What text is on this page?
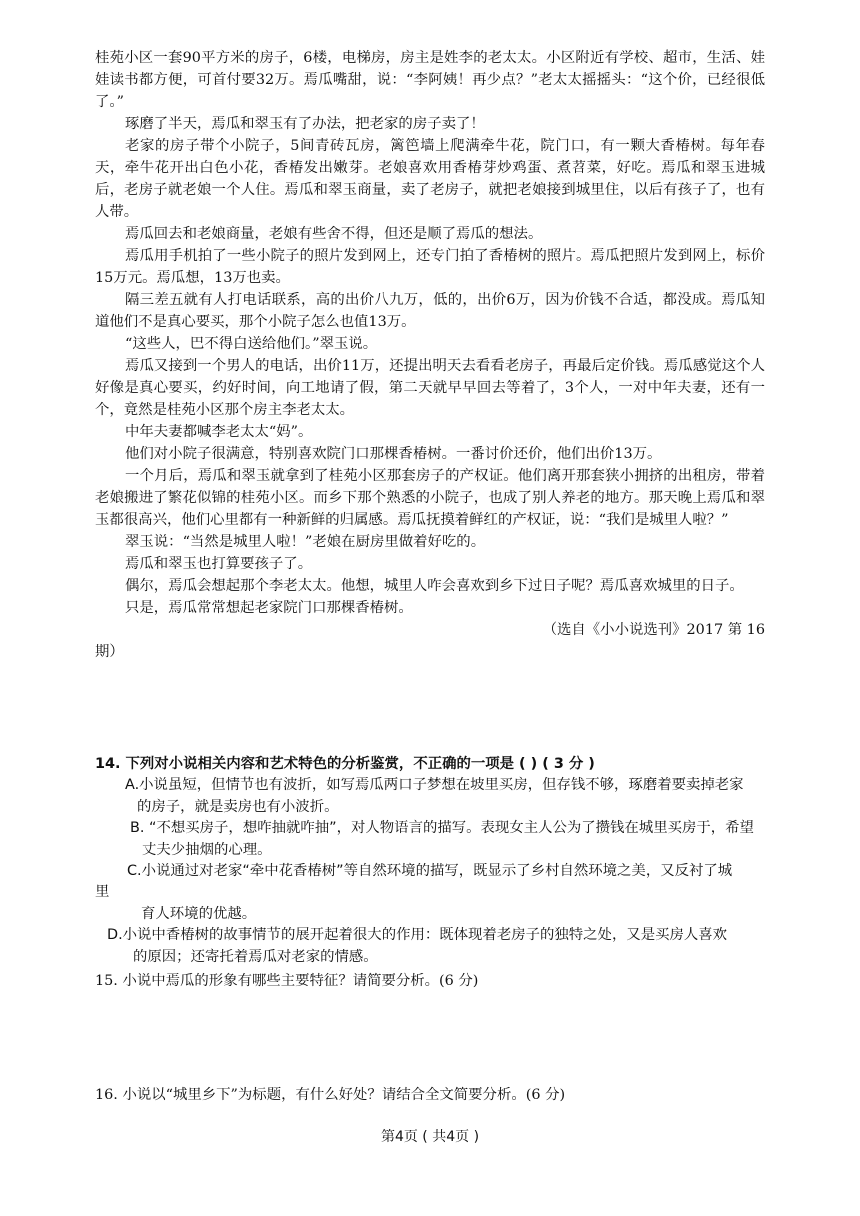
桂苑小区一套90平方米的房子，6楼，电梯房，房主是姓李的老太太。小区附近有学校、超市，生活、娃娃读书都方便，可首付要32万。焉瓜嘴甜，说：“李阿姨！再少点？”老太太摇摇头：“这个价，已经很低了。”

琢磨了半天，焉瓜和翠玉有了办法，把老家的房子卖了！

老家的房子带个小院子，5间青砖瓦房，篱笆墙上爬满牵牛花，院门口，有一颗大香椿树。每年春天，牵牛花开出白色小花，香椿发出嫩芽。老娘喜欢用香椿芽炒鸡蛋、煮苕菜，好吃。焉瓜和翠玉进城后，老房子就老娘一个人住。焉瓜和翠玉商量，卖了老房子，就把老娘接到城里住，以后有孩子了，也有人带。

焉瓜回去和老娘商量，老娘有些舍不得，但还是顺了焉瓜的想法。

焉瓜用手机拍了一些小院子的照片发到网上，还专门拍了香椿树的照片。焉瓜把照片发到网上，标价15万元。焉瓜想，13万也卖。

隔三差五就有人打电话联系，高的出价八九万，低的，出价6万，因为价钱不合适，都没成。焉瓜知道他们不是真心要买，那个小院子怎么也值13万。

“这些人，巴不得白送给他们。”翠玉说。

焉瓜又接到一个男人的电话，出价11万，还提出明天去看看老房子，再最后定价钱。焉瓜感觉这个人好像是真心要买，约好时间，向工地请了假，第二天就早早回去等着了，3个人，一对中年夫妻，还有一个，竟然是桂苑小区那个房主李老太太。

中年夫妻都喊李老太太“妈”。

他们对小院子很满意，特别喜欢院门口那棵香椿树。一番讨价还价，他们出价13万。

一个月后，焉瓜和翠玉就拿到了桂苑小区那套房子的产权证。他们离开那套狭小拥挤的出租房，带着老娘搬进了繁花似锦的桂苑小区。而乡下那个熟悉的小院子，也成了别人养老的地方。那天晚上焉瓜和翠玉都很高兴，他们心里都有一种新鲜的归属感。焉瓜抚摸着鲜红的产权证，说：“我们是城里人啦？”

翠玉说：“当然是城里人啦！”老娘在厨房里做着好吃的。

焉瓜和翠玉也打算要孩子了。

偶尔，焉瓜会想起那个李老太太。他想，城里人咋会喜欢到乡下过日子呢？焉瓜喜欢城里的日子。

只是，焉瓜常常想起老家院门口那棵香椿树。

（选自《小小说选刊》2017 第 16

期）

14. 下列对小说相关内容和艺术特色的分析鉴赏，不正确的一项是 ( ) ( 3 分 )

A.小说虽短，但情节也有波折，如写焉瓜两口子梦想在坡里买房，但存钱不够，琢磨着要卖掉老家
的房子，就是卖房也有小波折。

B. “不想买房子，想咋抽就咋抽”，对人物语言的描写。表现女主人公为了攒钱在城里买房于，希望
丈夫少抽烟的心理。

C.小说通过对老家“牵中花香椿树”等自然环境的描写，既显示了乡村自然环境之美，又反衬了城
里
育人环境的优越。

D.小说中香椿树的故事情节的展开起着很大的作用：既体现着老房子的独特之处，又是买房人喜欢
的原因；还寄托着焉瓜对老家的情感。

15. 小说中焉瓜的形象有哪些主要特征？请简要分析。(6 分)

16. 小说以“城里乡下”为标题，有什么好处？请结合全文简要分析。(6 分)

第4页 ( 共4页 )
